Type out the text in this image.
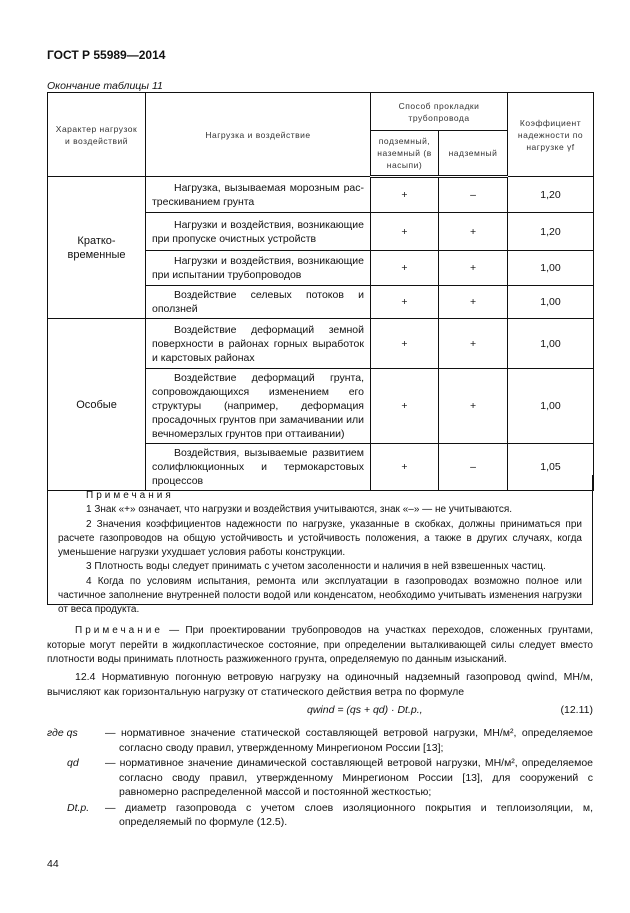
ГОСТ Р 55989—2014
Окончание таблицы 11
Характер нагрузок и воздействий	Нагрузка и воздействие	Способ прокладки трубопровода		Коэффициент надежности по нагрузке γf
		подземный, наземный (в насыпи)	надземный	
Кратко-временные	Нагрузка, вызываемая морозным рас-трескиванием грунта	+	–	1,20
	Нагрузки и воздействия, возникающие при пропуске очистных устройств	+	+	1,20
	Нагрузки и воздействия, возникающие при испытании трубопроводов	+	+	1,00
	Воздействие селевых потоков и оползней	+	+	1,00
Особые	Воздействие деформаций земной поверхности в районах горных выработок и карстовых районах	+	+	1,00
	Воздействие деформаций грунта, сопровождающихся изменением его структуры (например, деформация просадочных грунтов при замачивании или вечномерзлых грунтов при оттаивании)	+	+	1,00
	Воздействия, вызываемые развитием солифлюкционных и термокарстовых процессов	+	–	1,05

Примечания

1 Знак «+» означает, что нагрузки и воздействия учитываются, знак «–» — не учитываются.

2 Значения коэффициентов надежности по нагрузке, указанные в скобках, должны приниматься при расчете газопроводов на общую устойчивость и устойчивость положения, а также в других случаях, когда уменьшение нагрузки ухудшает условия работы конструкции.

3 Плотность воды следует принимать с учетом засоленности и наличия в ней взвешенных частиц.

4 Когда по условиям испытания, ремонта или эксплуатации в газопроводах возможно полное или частичное заполнение внутренней полости водой или конденсатом, необходимо учитывать изменения нагрузки от веса продукта.

Примечание — При проектировании трубопроводов на участках переходов, сложенных грунтами, которые могут перейти в жидкопластическое состояние, при определении выталкивающей силы следует вместо плотности воды принимать плотность разжиженного грунта, определяемую по данным изысканий.

12.4 Нормативную погонную ветровую нагрузку на одиночный надземный газопровод qwind, МН/м, вычисляют как горизонтальную нагрузку от статического действия ветра по формуле

qwind = (qs + qd) · Dt.p.,	(12.11)
где qs	— нормативное значение статической составляющей ветровой нагрузки, МН/м², определяемое согласно своду правил, утвержденному Минрегионом России [13];
qd	— нормативное значение динамической составляющей ветровой нагрузки, МН/м², определяемое согласно своду правил, утвержденному Минрегионом России [13], для сооружений с равномерно распределенной массой и постоянной жесткостью;
Dt.p.	— диаметр газопровода с учетом слоев изоляционного покрытия и теплоизоляции, м, определяемый по формуле (12.5).
44
